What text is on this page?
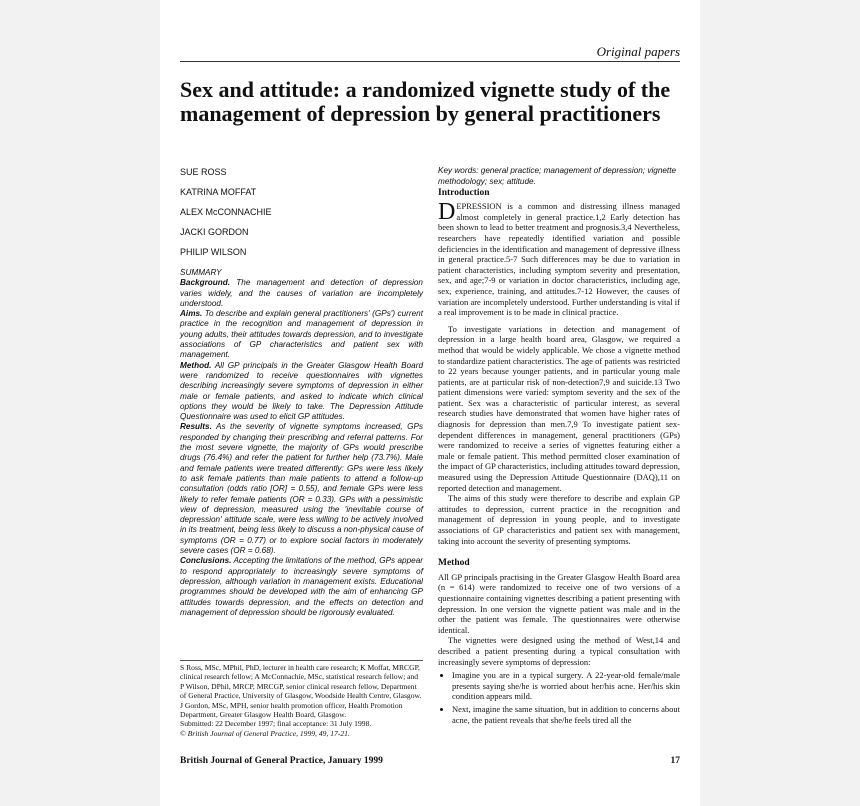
Original papers
Sex and attitude: a randomized vignette study of the management of depression by general practitioners
SUE ROSS
KATRINA MOFFAT
ALEX McCONNACHIE
JACKI GORDON
PHILIP WILSON

SUMMARY

Background. The management and detection of depression varies widely, and the causes of variation are incompletely understood.

Aims. To describe and explain general practitioners' (GPs') current practice in the recognition and management of depression in young adults, their attitudes towards depression, and to investigate associations of GP characteristics and patient sex with management.

Method. All GP principals in the Greater Glasgow Health Board were randomized to receive questionnaires with vignettes describing increasingly severe symptoms of depression in either male or female patients, and asked to indicate which clinical options they would be likely to take. The Depression Attitude Questionnaire was used to elicit GP attitudes.

Results. As the severity of vignette symptoms increased, GPs responded by changing their prescribing and referral patterns. For the most severe vignette, the majority of GPs would prescribe drugs (76.4%) and refer the patient for further help (73.7%). Male and female patients were treated differently: GPs were less likely to ask female patients than male patients to attend a follow-up consultation (odds ratio [OR] = 0.55), and female GPs were less likely to refer female patients (OR = 0.33). GPs with a pessimistic view of depression, measured using the 'inevitable course of depression' attitude scale, were less willing to be actively involved in its treatment, being less likely to discuss a non-physical cause of symptoms (OR = 0.77) or to explore social factors in moderately severe cases (OR = 0.68).

Conclusions. Accepting the limitations of the method, GPs appear to respond appropriately to increasingly severe symptoms of depression, although variation in management exists. Educational programmes should be developed with the aim of enhancing GP attitudes towards depression, and the effects on detection and management of depression should be rigorously evaluated.

S Ross, MSc, MPhil, PhD, lecturer in health care research; K Moffat, MRCGP, clinical research fellow; A McConnachie, MSc, statistical research fellow; and P Wilson, DPhil, MRCP, MRCGP, senior clinical research fellow, Department of General Practice, University of Glasgow, Woodside Health Centre, Glasgow. J Gordon, MSc, MPH, senior health promotion officer, Health Promotion Department, Greater Glasgow Health Board, Glasgow.

Submitted: 22 December 1997; final acceptance: 31 July 1998.

© British Journal of General Practice, 1999, 49, 17-21.

Key words: general practice; management of depression; vignette methodology; sex; attitude.

Introduction

DEPRESSION is a common and distressing illness managed almost completely in general practice.1,2 Early detection has been shown to lead to better treatment and prognosis.3,4 Nevertheless, researchers have repeatedly identified variation and possible deficiencies in the identification and management of depressive illness in general practice.5-7 Such differences may be due to variation in patient characteristics, including symptom severity and presentation, sex, and age;7-9 or variation in doctor characteristics, including age, sex, experience, training, and attitudes.7-12 However, the causes of variation are incompletely understood. Further understanding is vital if a real improvement is to be made in clinical practice.

To investigate variations in detection and management of depression in a large health board area, Glasgow, we required a method that would be widely applicable. We chose a vignette method to standardize patient characteristics. The age of patients was restricted to 22 years because younger patients, and in particular young male patients, are at particular risk of non-detection7,9 and suicide.13 Two patient dimensions were varied: symptom severity and the sex of the patient. Sex was a characteristic of particular interest, as several research studies have demonstrated that women have higher rates of diagnosis for depression than men.7,9 To investigate patient sex-dependent differences in management, general practitioners (GPs) were randomized to receive a series of vignettes featuring either a male or female patient. This method permitted closer examination of the impact of GP characteristics, including attitudes toward depression, measured using the Depression Attitude Questionnaire (DAQ),11 on reported detection and management.

The aims of this study were therefore to describe and explain GP attitudes to depression, current practice in the recognition and management of depression in young people, and to investigate associations of GP characteristics and patient sex with management, taking into account the severity of presenting symptoms.

Method

All GP principals practising in the Greater Glasgow Health Board area (n = 614) were randomized to receive one of two versions of a questionnaire containing vignettes describing a patient presenting with depression. In one version the vignette patient was male and in the other the patient was female. The questionnaires were otherwise identical.

The vignettes were designed using the method of West,14 and described a patient presenting during a typical consultation with increasingly severe symptoms of depression:

• Imagine you are in a typical surgery. A 22-year-old female/male presents saying she/he is worried about her/his acne. Her/his skin condition appears mild.
• Next, imagine the same situation, but in addition to concerns about acne, the patient reveals that she/he feels tired all the
British Journal of General Practice, January 1999	17
